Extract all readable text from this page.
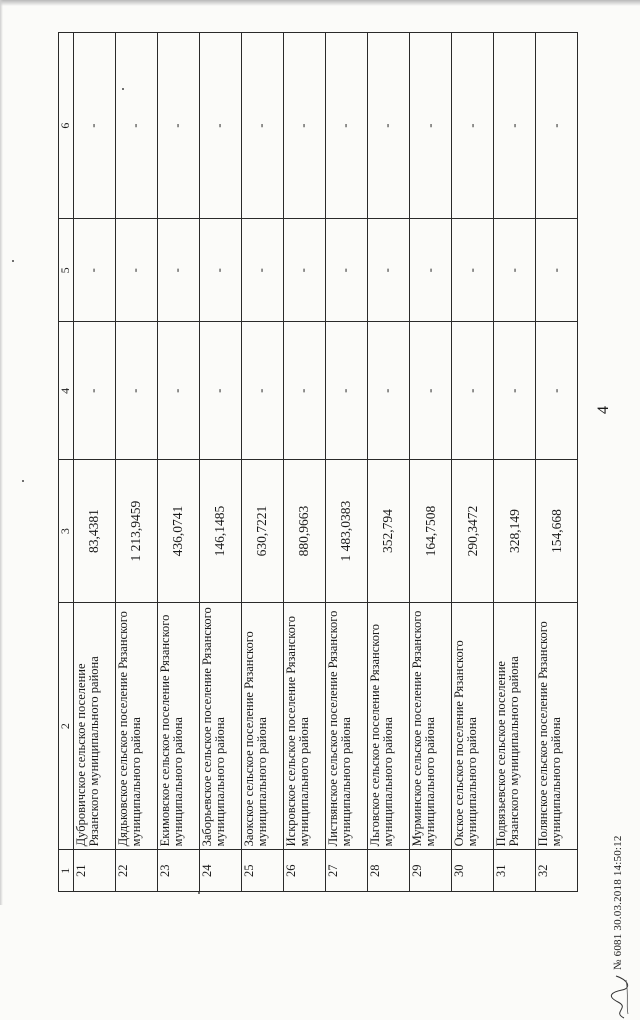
4
1	2	3	4	5	6
21	Дубровичское сельское поселение Рязанского муниципального района	83,4381	-	-	-
22	Дядьковское сельское поселение Рязанского муниципального района	1 213,9459	-	-	-
23	Екимовское сельское поселение Рязанского муниципального района	436,0741	-	-	-
24	Заборьевское сельское поселение Рязанского муниципального района	146,1485	-	-	-
25	Заокское сельское поселение Рязанского муниципального района	630,7221	-	-	-
26	Искровское сельское поселение Рязанского муниципального района	880,9663	-	-	-
27	Листвянское сельское поселение Рязанского муниципального района	1 483,0383	-	-	-
28	Льговское сельское поселение Рязанского муниципального района	352,794	-	-	-
29	Мурминское сельское поселение Рязанского муниципального района	164,7508	-	-	-
30	Окское сельское поселение Рязанского муниципального района	290,3472	-	-	-
31	Подвязьевское сельское поселение Рязанского муниципального района	328,149	-	-	-
32	Полянское сельское поселение Рязанского муниципального района	154,668	-	-	-
№ 6081 30.03.2018 14:50:12
